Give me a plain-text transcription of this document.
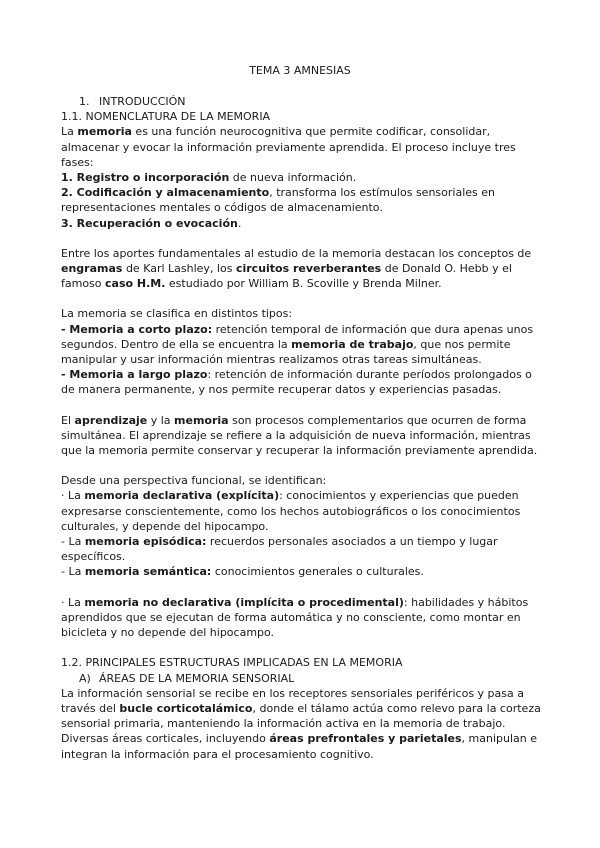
TEMA 3 AMNESIAS
1. INTRODUCCIÓN
1.1. NOMENCLATURA DE LA MEMORIA

La memoria es una función neurocognitiva que permite codificar, consolidar, almacenar y evocar la información previamente aprendida. El proceso incluye tres fases:

1. Registro o incorporación de nueva información.

2. Codificación y almacenamiento, transforma los estímulos sensoriales en representaciones mentales o códigos de almacenamiento.

3. Recuperación o evocación.

Entre los aportes fundamentales al estudio de la memoria destacan los conceptos de engramas de Karl Lashley, los circuitos reverberantes de Donald O. Hebb y el famoso caso H.M. estudiado por William B. Scoville y Brenda Milner.

La memoria se clasifica en distintos tipos:

- Memoria a corto plazo: retención temporal de información que dura apenas unos segundos. Dentro de ella se encuentra la memoria de trabajo, que nos permite manipular y usar información mientras realizamos otras tareas simultáneas.

- Memoria a largo plazo: retención de información durante períodos prolongados o de manera permanente, y nos permite recuperar datos y experiencias pasadas.

El aprendizaje y la memoria son procesos complementarios que ocurren de forma simultánea. El aprendizaje se refiere a la adquisición de nueva información, mientras que la memoria permite conservar y recuperar la información previamente aprendida.

Desde una perspectiva funcional, se identifican:

· La memoria declarativa (explícita): conocimientos y experiencias que pueden expresarse conscientemente, como los hechos autobiográficos o los conocimientos culturales, y depende del hipocampo.

- La memoria episódica: recuerdos personales asociados a un tiempo y lugar específicos.

- La memoria semántica: conocimientos generales o culturales.

· La memoria no declarativa (implícita o procedimental): habilidades y hábitos aprendidos que se ejecutan de forma automática y no consciente, como montar en bicicleta y no depende del hipocampo.

1.2. PRINCIPALES ESTRUCTURAS IMPLICADAS EN LA MEMORIA
A) ÁREAS DE LA MEMORIA SENSORIAL

La información sensorial se recibe en los receptores sensoriales periféricos y pasa a través del bucle corticotalámico, donde el tálamo actúa como relevo para la corteza sensorial primaria, manteniendo la información activa en la memoria de trabajo. Diversas áreas corticales, incluyendo áreas prefrontales y parietales, manipulan e integran la información para el procesamiento cognitivo.
